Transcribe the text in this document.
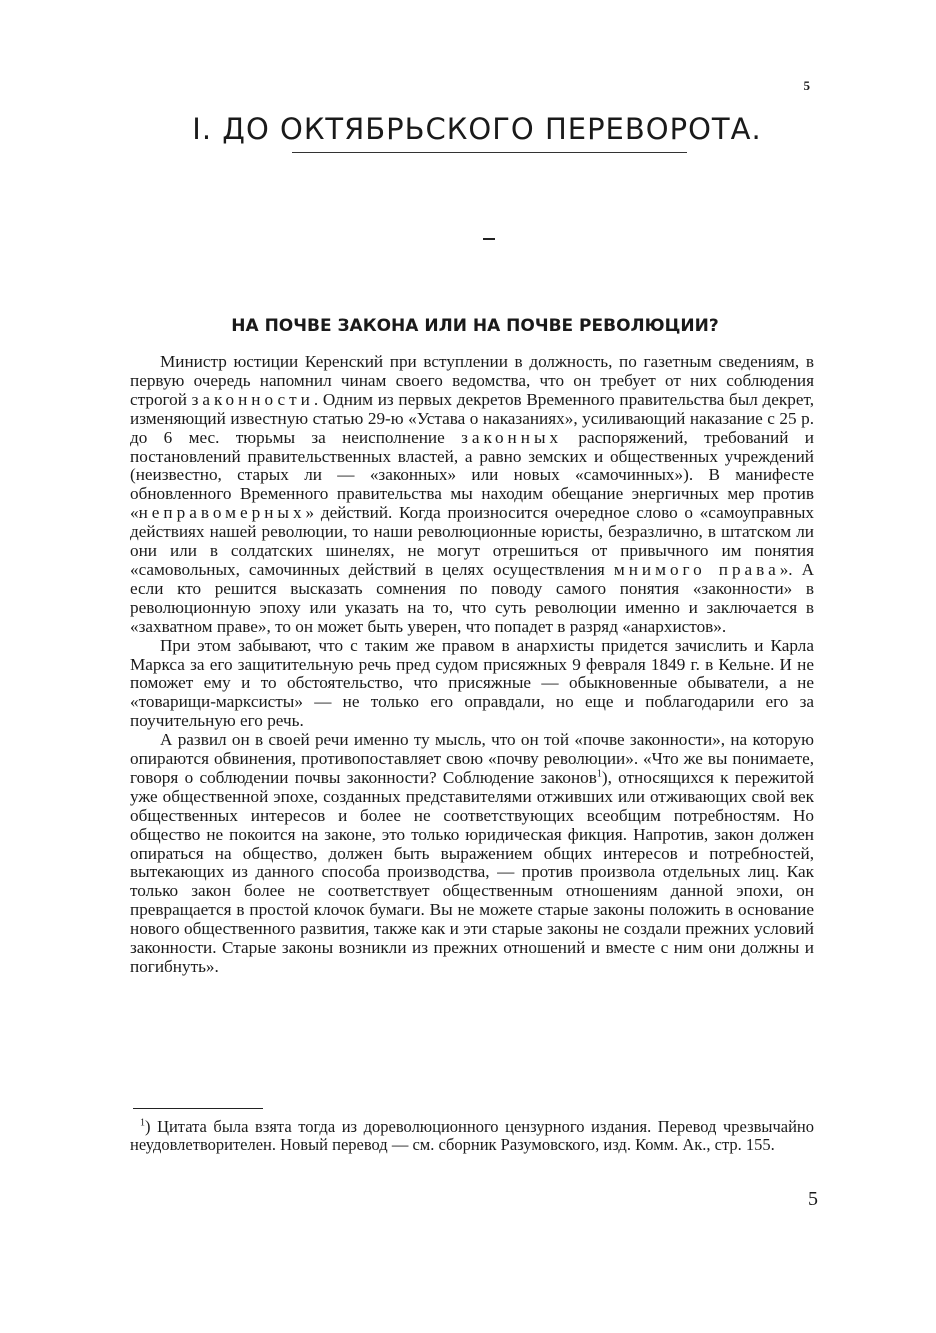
5
I. ДО ОКТЯБРЬСКОГО ПЕРЕВОРОТА.
НА ПОЧВЕ ЗАКОНА ИЛИ НА ПОЧВЕ РЕВОЛЮЦИИ?

Министр юстиции Керенский при вступлении в должность, по газетным сведениям, в первую очередь напомнил чинам своего ведомства, что он требует от них соблюдения строгой законности. Одним из первых декретов Временного правительства был декрет, изменяющий известную статью 29-ю «Устава о наказаниях», усиливающий наказание с 25 р. до 6 мес. тюрьмы за неисполнение законных распоряжений, требований и постановлений правительственных властей, а равно земских и общественных учреждений (неизвестно, старых ли — «законных» или новых «самочинных»). В манифесте обновленного Временного правительства мы находим обещание энергичных мер против «неправомерных» действий. Когда произносится очередное слово о «самоуправных действиях нашей революции, то наши революционные юристы, безразлично, в штатском ли они или в солдатских шинелях, не могут отрешиться от привычного им понятия «самовольных, самочинных действий в целях осуществления мнимого права». А если кто решится высказать сомнения по поводу самого понятия «законности» в революционную эпоху или указать на то, что суть революции именно и заключается в «захватном праве», то он может быть уверен, что попадет в разряд «анархистов».

При этом забывают, что с таким же правом в анархисты придется зачислить и Карла Маркса за его защитительную речь пред судом присяжных 9 февраля 1849 г. в Кельне. И не поможет ему и то обстоятельство, что присяжные — обыкновенные обыватели, а не «товарищи-марксисты» — не только его оправдали, но еще и поблагодарили его за поучительную его речь.

А развил он в своей речи именно ту мысль, что он той «почве законности», на которую опираются обвинения, противопоставляет свою «почву революции». «Что же вы понимаете, говоря о соблюдении почвы законности? Соблюдение законов$^1$), относящихся к пережитой уже общественной эпохе, созданных представителями отживших или отживающих свой век общественных интересов и более не соответствующих всеобщим потребностям. Но общество не покоится на законе, это только юридическая фикция. Напротив, закон должен опираться на общество, должен быть выражением общих интересов и потребностей, вытекающих из данного способа производства, — против произвола отдельных лиц. Как только закон более не соответствует общественным отношениям данной эпохи, он превращается в простой клочок бумаги. Вы не можете старые законы положить в основание нового общественного развития, также как и эти старые законы не создали прежних условий законности. Старые законы возникли из прежних отношений и вместе с ним они должны и погибнуть».

$^1$) Цитата была взята тогда из дореволюционного цензурного издания. Перевод чрезвычайно неудовлетворителен. Новый перевод — см. сборник Разумовского, изд. Комм. Ак., стр. 155.

5
